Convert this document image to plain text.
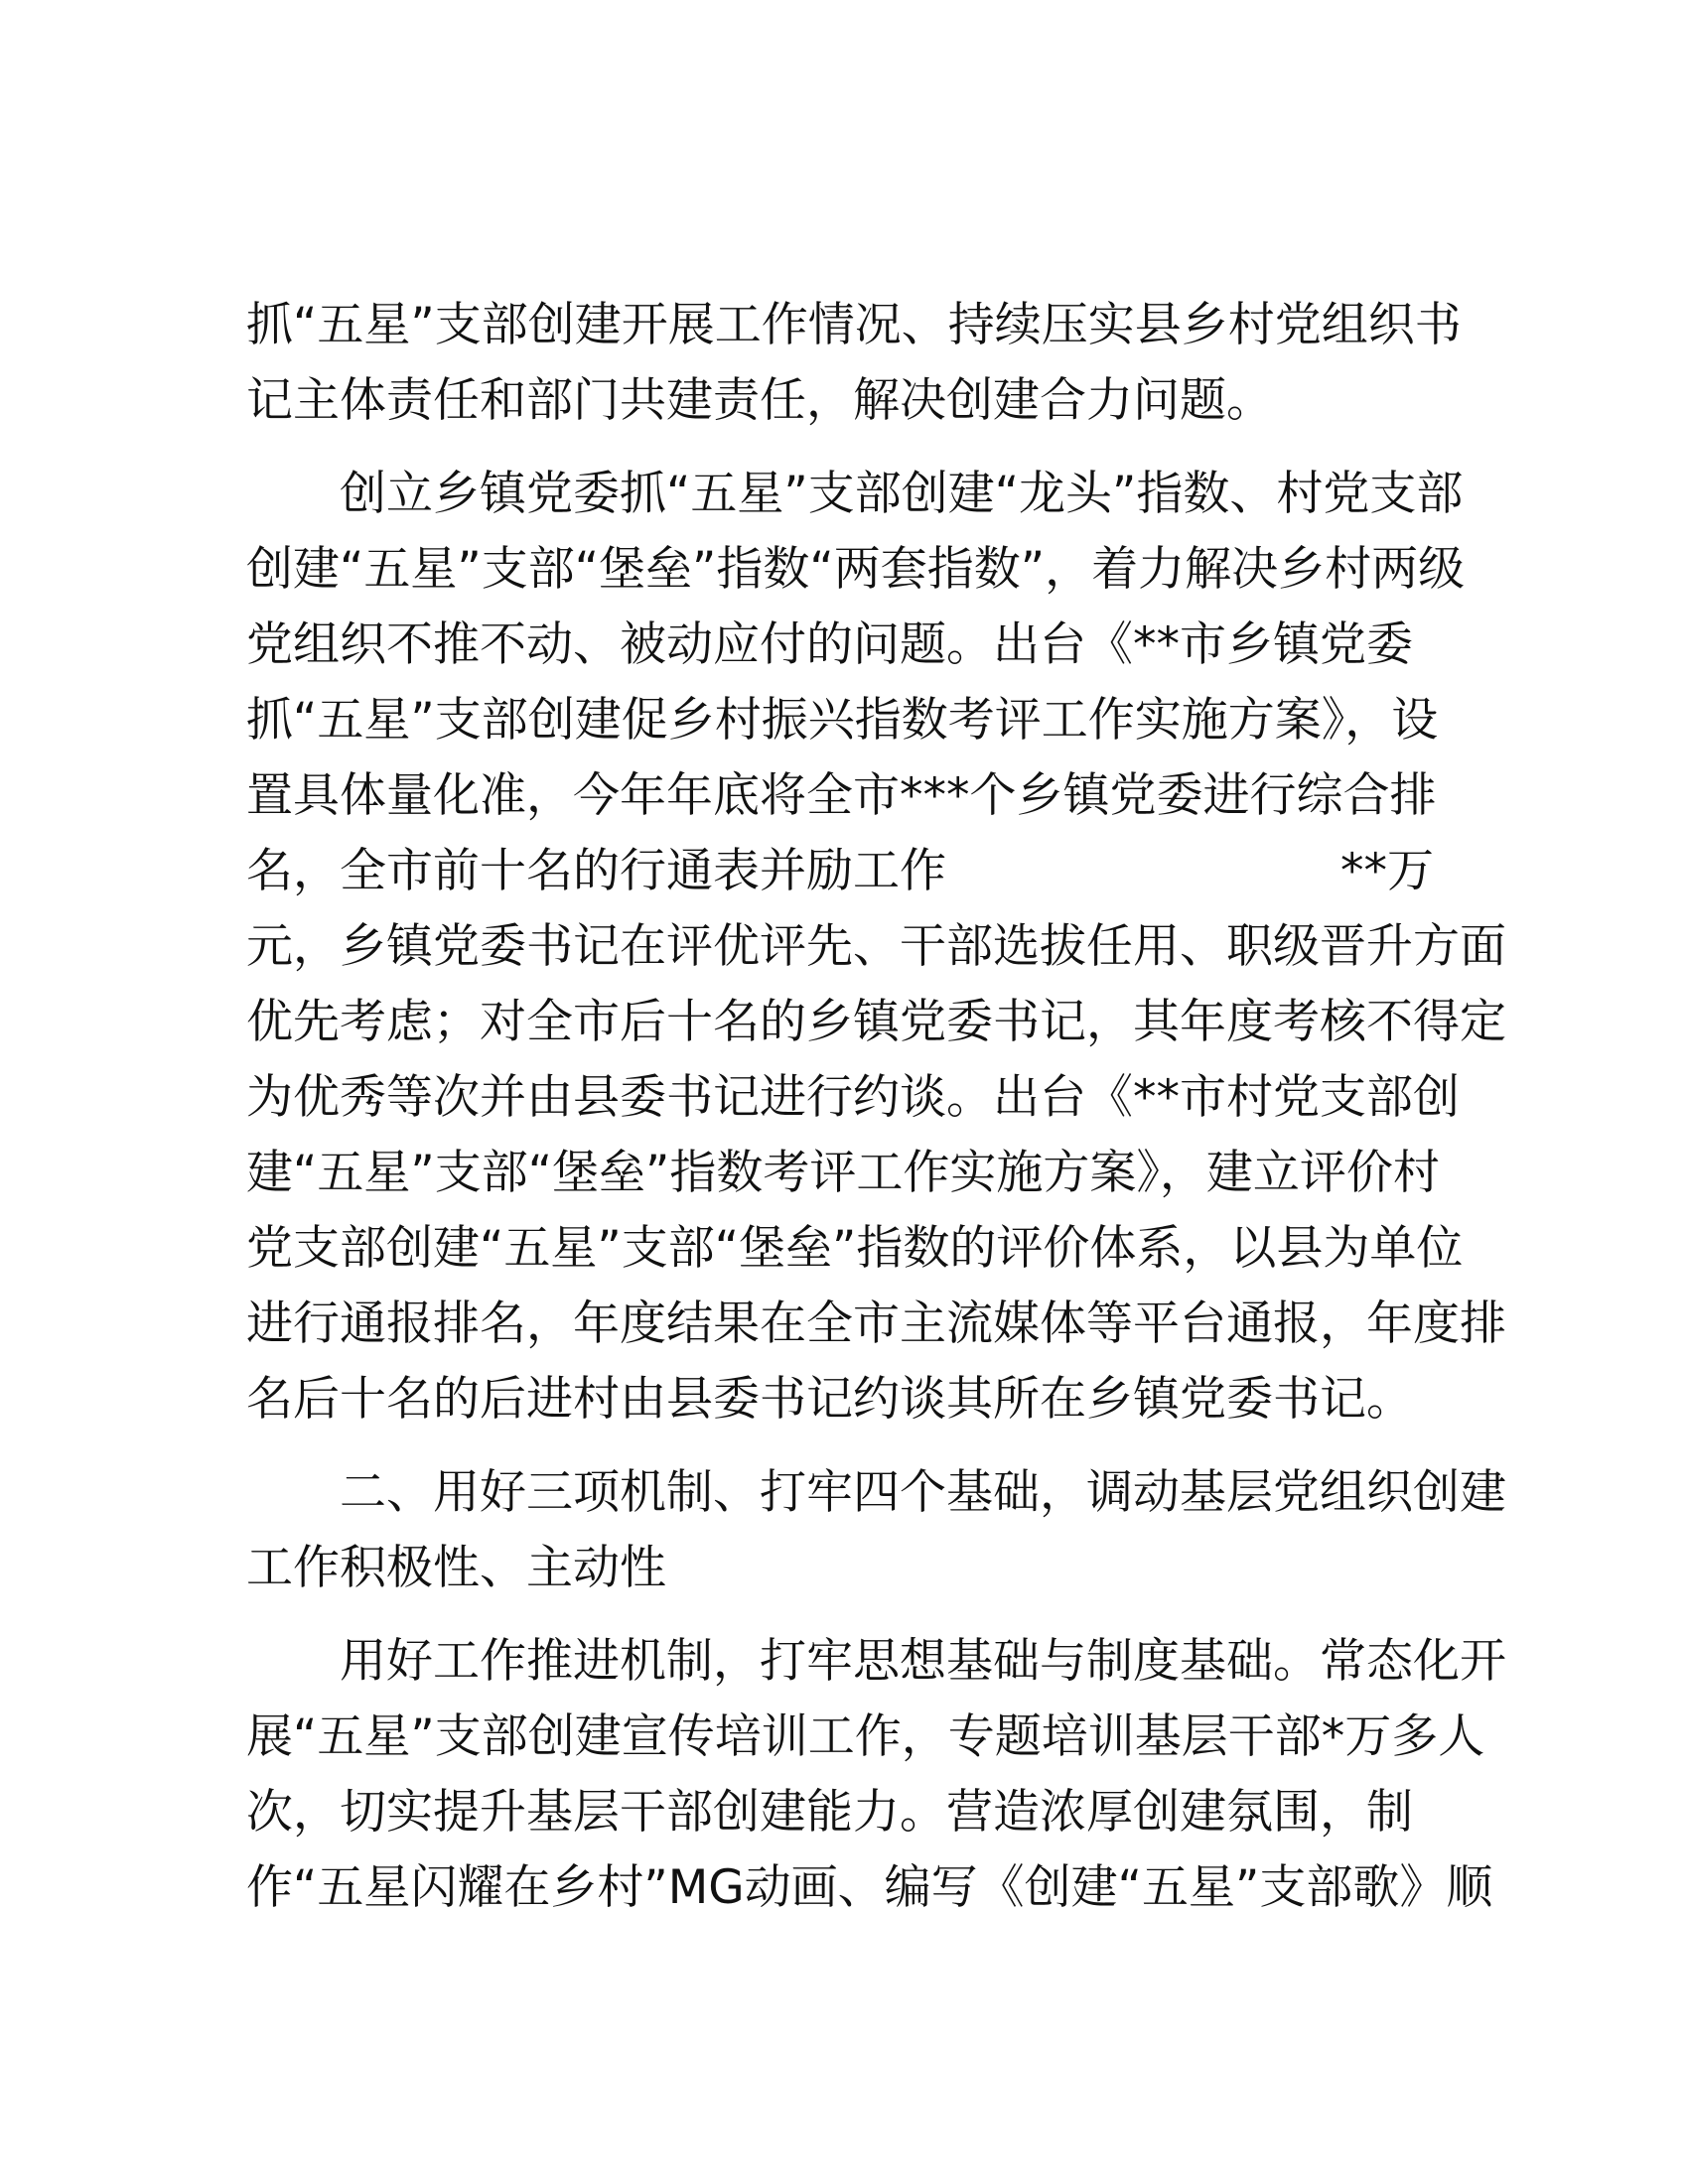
抓“五星”支部创建开展工作情况、持续压实县乡村党组织书
记主体责任和部门共建责任，解决创建合力问题。

创立乡镇党委抓“五星”支部创建“龙头”指数、村党支部
创建“五星”支部“堡垒”指数“两套指数”，着力解决乡村两级
党组织不推不动、被动应付的问题。出台《**市乡镇党委
抓“五星”支部创建促乡村振兴指数考评工作实施方案》，设
置具体量化准，今年年底将全市***个乡镇党委进行综合排
名，全市前十名的行通表并励工作	**万
元，乡镇党委书记在评优评先、干部选拔任用、职级晋升方面
优先考虑；对全市后十名的乡镇党委书记，其年度考核不得定
为优秀等次并由县委书记进行约谈。出台《**市村党支部创
建“五星”支部“堡垒”指数考评工作实施方案》，建立评价村
党支部创建“五星”支部“堡垒”指数的评价体系，以县为单位
进行通报排名，年度结果在全市主流媒体等平台通报，年度排
名后十名的后进村由县委书记约谈其所在乡镇党委书记。

二、用好三项机制、打牢四个基础，调动基层党组织创建
工作积极性、主动性

用好工作推进机制，打牢思想基础与制度基础。常态化开
展“五星”支部创建宣传培训工作，专题培训基层干部*万多人
次，切实提升基层干部创建能力。营造浓厚创建氛围，制
作“五星闪耀在乡村”MG动画、编写《创建“五星”支部歌》顺
